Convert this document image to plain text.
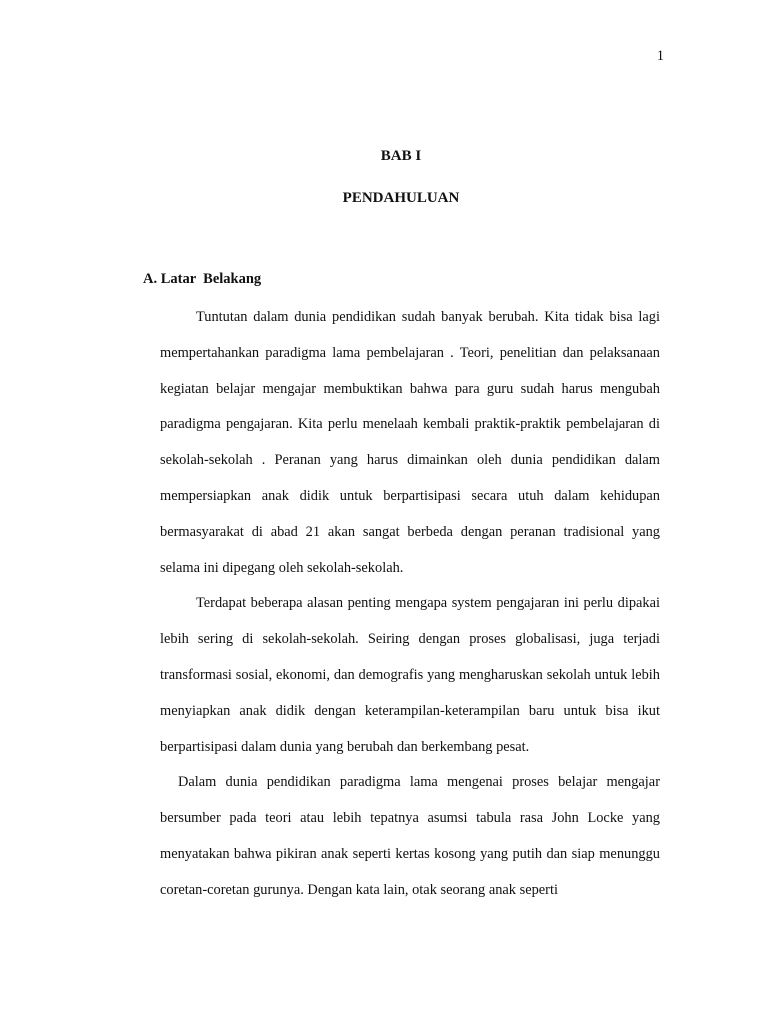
1
BAB I
PENDAHULUAN
A. Latar  Belakang

Tuntutan dalam dunia pendidikan sudah banyak berubah. Kita tidak bisa lagi mempertahankan paradigma lama pembelajaran . Teori, penelitian dan pelaksanaan kegiatan belajar mengajar membuktikan bahwa para guru sudah harus mengubah paradigma pengajaran. Kita perlu menelaah kembali praktik-praktik pembelajaran di sekolah-sekolah . Peranan yang harus dimainkan oleh dunia pendidikan dalam mempersiapkan anak didik untuk berpartisipasi secara utuh dalam kehidupan bermasyarakat di abad 21 akan sangat berbeda dengan peranan tradisional yang selama ini dipegang oleh sekolah-sekolah.

Terdapat beberapa alasan penting mengapa system pengajaran ini perlu dipakai lebih sering di sekolah-sekolah. Seiring dengan proses globalisasi, juga terjadi transformasi sosial, ekonomi, dan demografis yang mengharuskan sekolah untuk lebih menyiapkan anak didik dengan keterampilan-keterampilan baru untuk bisa ikut berpartisipasi dalam dunia yang berubah dan berkembang pesat.

Dalam dunia pendidikan paradigma lama mengenai proses belajar mengajar bersumber pada teori atau lebih tepatnya asumsi tabula rasa John Locke yang menyatakan bahwa pikiran anak seperti kertas kosong yang putih dan siap menunggu coretan-coretan gurunya. Dengan kata lain, otak seorang anak seperti
